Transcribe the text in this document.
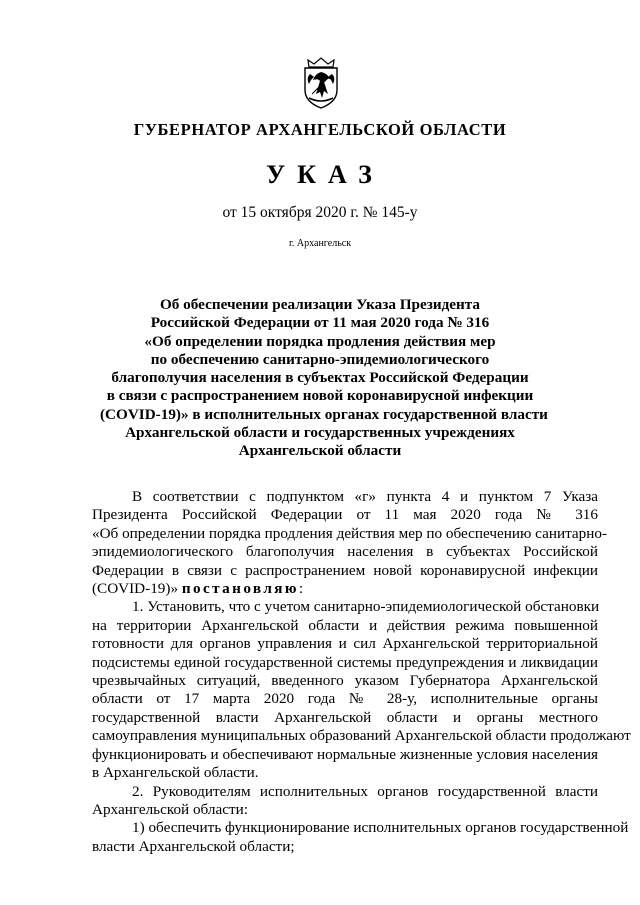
ГУБЕРНАТОР АРХАНГЕЛЬСКОЙ ОБЛАСТИ
УКАЗ
от 15 октября 2020 г. № 145-у
г. Архангельск
Об обеспечении реализации Указа Президента
Российской Федерации от 11 мая 2020 года № 316
«Об определении порядка продления действия мер
по обеспечению санитарно-эпидемиологического
благополучия населения в субъектах Российской Федерации
в связи с распространением новой коронавирусной инфекции
(COVID-19)» в исполнительных органах государственной власти
Архангельской области и государственных учреждениях
Архангельской области
В соответствии с подпунктом «г» пункта 4 и пунктом 7 Указа
Президента Российской Федерации от 11 мая 2020 года № 316
«Об определении порядка продления действия мер по обеспечению санитарно-
эпидемиологического благополучия населения в субъектах Российской
Федерации в связи с распространением новой коронавирусной инфекции
(COVID-19)» постановляю:
1. Установить, что с учетом санитарно-эпидемиологической обстановки
на территории Архангельской области и действия режима повышенной
готовности для органов управления и сил Архангельской территориальной
подсистемы единой государственной системы предупреждения и ликвидации
чрезвычайных ситуаций, введенного указом Губернатора Архангельской
области от 17 марта 2020 года № 28-у, исполнительные органы
государственной власти Архангельской области и органы местного
самоуправления муниципальных образований Архангельской области продолжают
функционировать и обеспечивают нормальные жизненные условия населения
в Архангельской области.
2. Руководителям исполнительных органов государственной власти
Архангельской области:
1) обеспечить функционирование исполнительных органов государственной
власти Архангельской области;
